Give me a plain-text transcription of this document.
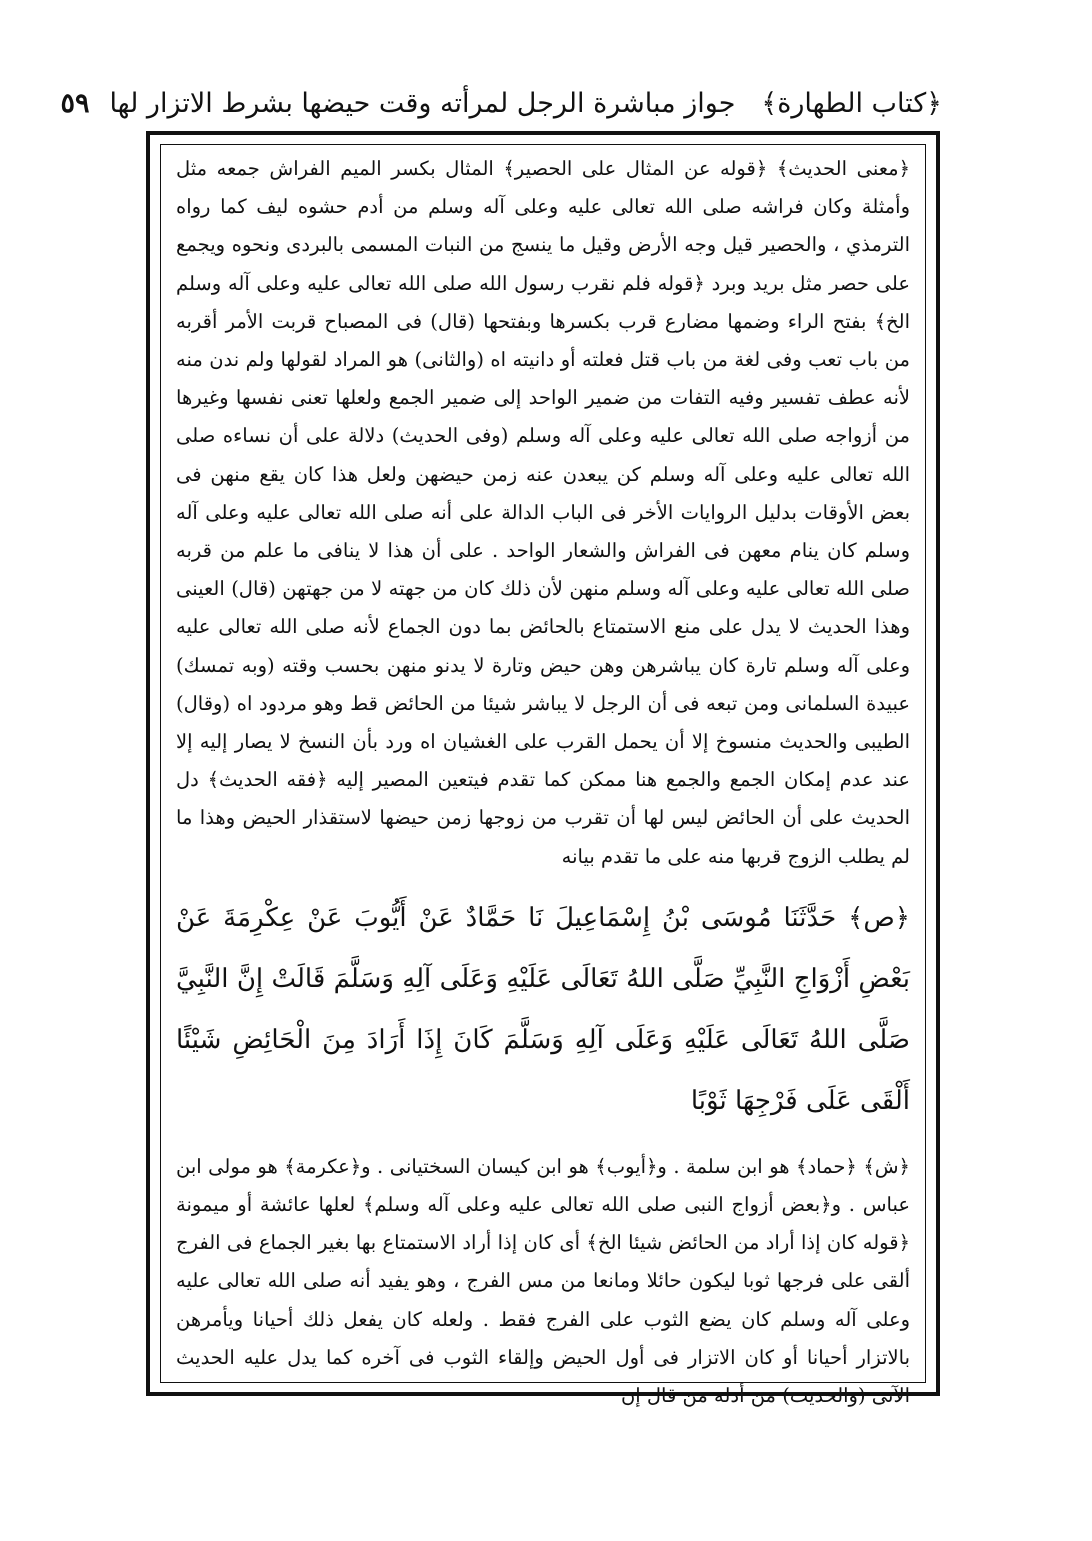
﴿كتاب الطهارة﴾
جواز مباشرة الرجل لمرأته وقت حيضها بشرط الاتزار لها
٥٩

﴿معنى الحديث﴾ ﴿قوله عن المثال على الحصير﴾ المثال بكسر الميم الفراش جمعه مثل وأمثلة وكان فراشه صلى الله تعالى عليه وعلى آله وسلم من أدم حشوه ليف كما رواه الترمذي ، والحصير قيل وجه الأرض وقيل ما ينسج من النبات المسمى بالبردى ونحوه ويجمع على حصر مثل بريد وبرد ﴿قوله فلم نقرب رسول الله صلى الله تعالى عليه وعلى آله وسلم الخ﴾ بفتح الراء وضمها مضارع قرب بكسرها وبفتحها (قال) فى المصباح قربت الأمر أقربه من باب تعب وفى لغة من باب قتل فعلته أو دانيته اه (والثانى) هو المراد لقولها ولم ندن منه لأنه عطف تفسير وفيه التفات من ضمير الواحد إلى ضمير الجمع ولعلها تعنى نفسها وغيرها من أزواجه صلى الله تعالى عليه وعلى آله وسلم (وفى الحديث) دلالة على أن نساءه صلى الله تعالى عليه وعلى آله وسلم كن يبعدن عنه زمن حيضهن ولعل هذا كان يقع منهن فى بعض الأوقات بدليل الروايات الأخر فى الباب الدالة على أنه صلى الله تعالى عليه وعلى آله وسلم كان ينام معهن فى الفراش والشعار الواحد . على أن هذا لا ينافى ما علم من قربه صلى الله تعالى عليه وعلى آله وسلم منهن لأن ذلك كان من جهته لا من جهتهن (قال) العينى وهذا الحديث لا يدل على منع الاستمتاع بالحائض بما دون الجماع لأنه صلى الله تعالى عليه وعلى آله وسلم تارة كان يباشرهن وهن حيض وتارة لا يدنو منهن بحسب وقته (وبه تمسك) عبيدة السلمانى ومن تبعه فى أن الرجل لا يباشر شيئا من الحائض قط وهو مردود اه (وقال) الطيبى والحديث منسوخ إلا أن يحمل القرب على الغشيان اه ورد بأن النسخ لا يصار إليه إلا عند عدم إمكان الجمع والجمع هنا ممكن كما تقدم فيتعين المصير إليه ﴿فقه الحديث﴾ دل الحديث على أن الحائض ليس لها أن تقرب من زوجها زمن حيضها لاستقذار الحيض وهذا ما لم يطلب الزوج قربها منه على ما تقدم بيانه

﴿ص﴾ حَدَّثَنَا مُوسَى بْنُ إِسْمَاعِيلَ نَا حَمَّادٌ عَنْ أَيُّوبَ عَنْ عِكْرِمَةَ عَنْ بَعْضِ أَزْوَاجِ النَّبِيِّ صَلَّى اللهُ تَعَالَى عَلَيْهِ وَعَلَى آلِهِ وَسَلَّمَ قَالَتْ إِنَّ النَّبِيَّ صَلَّى اللهُ تَعَالَى عَلَيْهِ وَعَلَى آلِهِ وَسَلَّمَ كَانَ إِذَا أَرَادَ مِنَ الْحَائِضِ شَيْئًا أَلْقَى عَلَى فَرْجِهَا ثَوْبًا

﴿ش﴾ ﴿حماد﴾ هو ابن سلمة . و﴿أيوب﴾ هو ابن كيسان السختيانى . و﴿عكرمة﴾ هو مولى ابن عباس . و﴿بعض أزواج النبى صلى الله تعالى عليه وعلى آله وسلم﴾ لعلها عائشة أو ميمونة ﴿قوله كان إذا أراد من الحائض شيئا الخ﴾ أى كان إذا أراد الاستمتاع بها بغير الجماع فى الفرج ألقى على فرجها ثوبا ليكون حائلا ومانعا من مس الفرج ، وهو يفيد أنه صلى الله تعالى عليه وعلى آله وسلم كان يضع الثوب على الفرج فقط . ولعله كان يفعل ذلك أحيانا ويأمرهن بالاتزار أحيانا أو كان الاتزار فى أول الحيض وإلقاء الثوب فى آخره كما يدل عليه الحديث الآتى (والحديث) من أدلة من قال إن
